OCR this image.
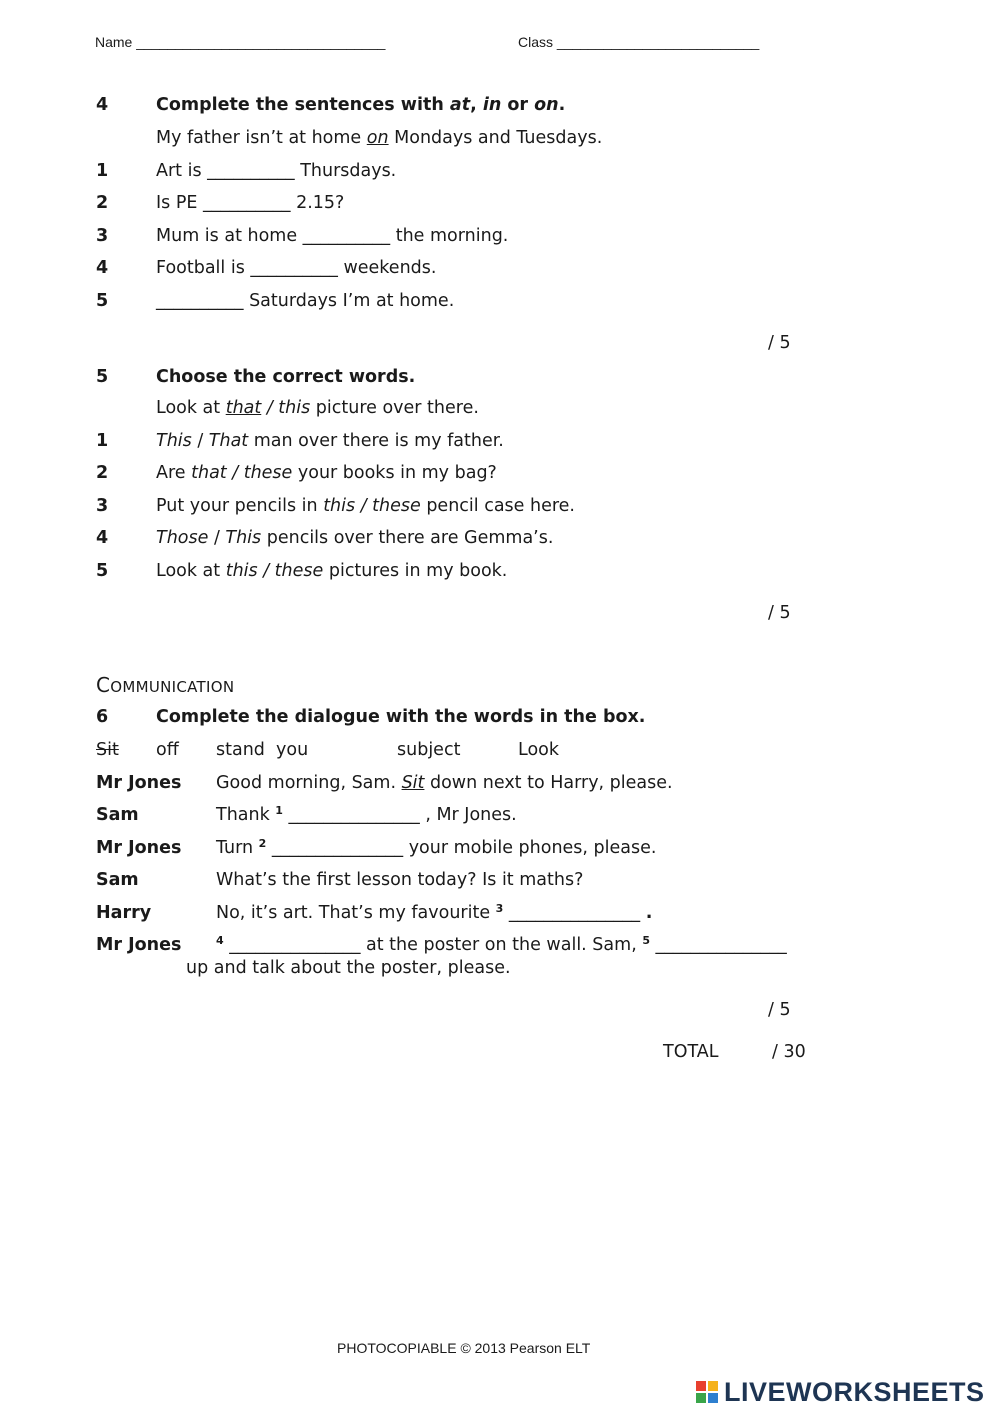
Name ________________________________	Class __________________________
4	Complete the sentences with at, in or on.
My father isn’t at home on Mondays and Tuesdays.
1	Art is __________ Thursdays.
2	Is PE __________ 2.15?
3	Mum is at home __________ the morning.
4	Football is __________ weekends.
5	__________ Saturdays I’m at home.
/ 5
5	Choose the correct words.
Look at that / this picture over there.
1	This / That man over there is my father.
2	Are that / these your books in my bag?
3	Put your pencils in this / these pencil case here.
4	Those / This pencils over there are Gemma’s.
5	Look at this / these pictures in my book.
/ 5
COMMUNICATION
6	Complete the dialogue with the words in the box.
Sit off stand you	subject	Look
Mr Jones Good morning, Sam. Sit down next to Harry, please.
Sam	Thank $^1$ _______________ , Mr Jones.
Mr Jones Turn $^2$ _______________ your mobile phones, please.
Sam	What’s the first lesson today? Is it maths?
Harry	No, it’s art. That’s my favourite $^3$ _______________ .
Mr Jones	$^4$ _______________ at the poster on the wall. Sam, $^5$ _______________
up and talk about the poster, please.
/ 5
TOTAL	/ 30
PHOTOCOPIABLE © 2013 Pearson ELT
LIVEWORKSHEETS
